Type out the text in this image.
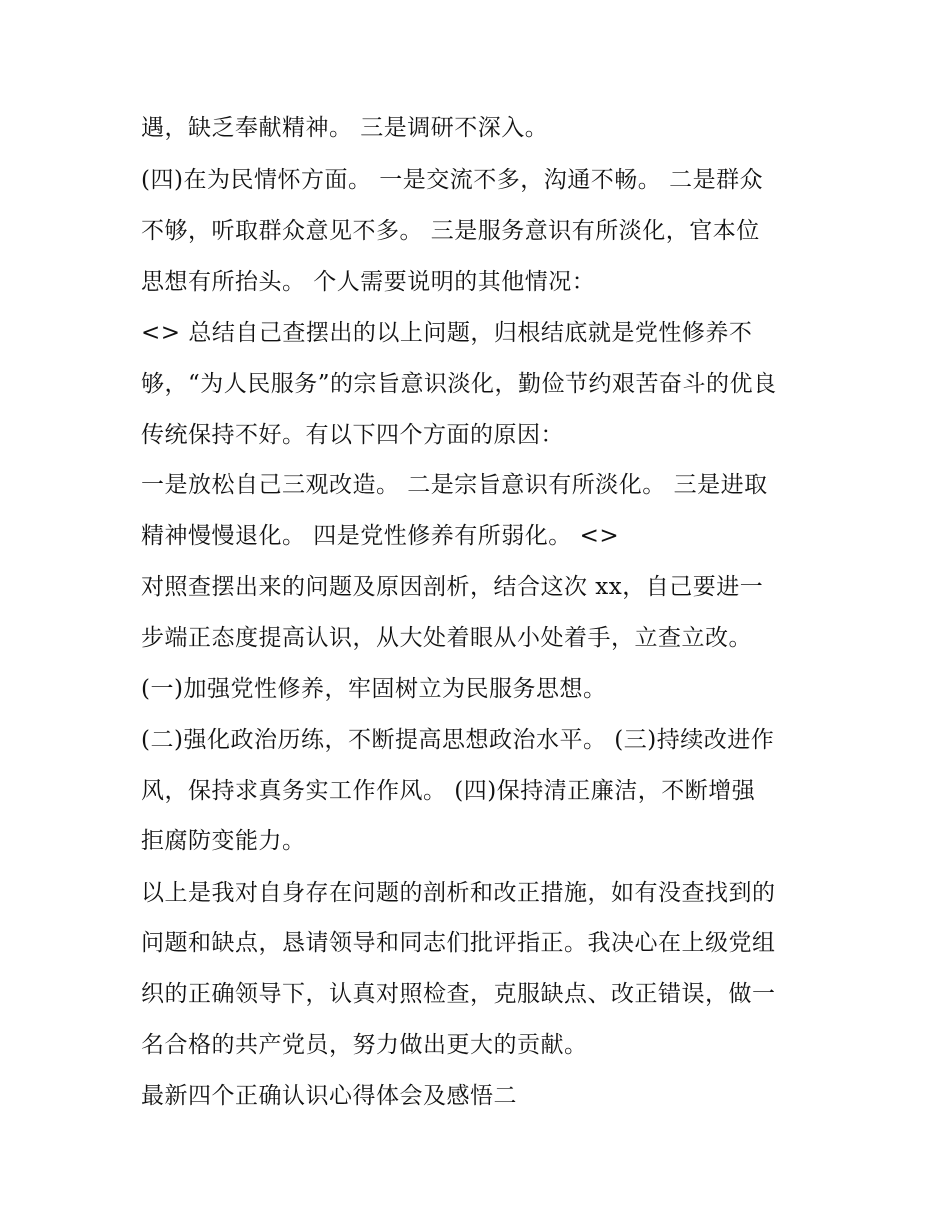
遇，缺乏奉献精神。 三是调研不深入。
(四)在为民情怀方面。 一是交流不多，沟通不畅。 二是群众
不够，听取群众意见不多。 三是服务意识有所淡化，官本位
思想有所抬头。 个人需要说明的其他情况：
<> 总结自己查摆出的以上问题，归根结底就是党性修养不
够，“为人民服务”的宗旨意识淡化，勤俭节约艰苦奋斗的优良
传统保持不好。有以下四个方面的原因：
一是放松自己三观改造。 二是宗旨意识有所淡化。 三是进取
精神慢慢退化。 四是党性修养有所弱化。 <>
对照查摆出来的问题及原因剖析，结合这次 xx，自己要进一
步端正态度提高认识，从大处着眼从小处着手，立查立改。
(一)加强党性修养，牢固树立为民服务思想。
(二)强化政治历练，不断提高思想政治水平。 (三)持续改进作
风，保持求真务实工作作风。 (四)保持清正廉洁，不断增强
拒腐防变能力。
以上是我对自身存在问题的剖析和改正措施，如有没查找到的
问题和缺点，恳请领导和同志们批评指正。我决心在上级党组
织的正确领导下，认真对照检查，克服缺点、改正错误，做一
名合格的共产党员，努力做出更大的贡献。
最新四个正确认识心得体会及感悟二
